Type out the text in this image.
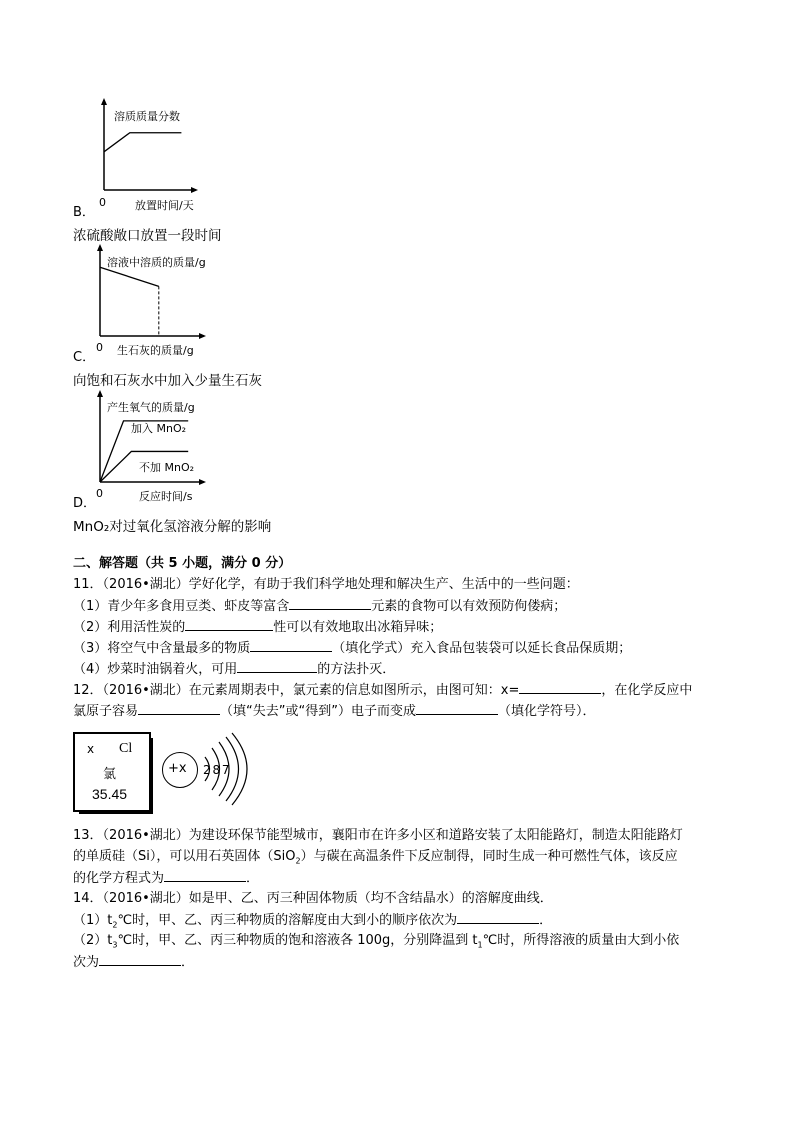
溶质质量分数
放置时间/天
0
B．
浓硫酸敞口放置一段时间
溶液中溶质的质量/g
生石灰的质量/g
0
C．
向饱和石灰水中加入少量生石灰
产生氧气的质量/g
加入 MnO₂
不加 MnO₂
反应时间/s
0
D．
MnO₂对过氧化氢溶液分解的影响
二、解答题（共 5 小题，满分 0 分）
11．（2016•湖北）学好化学，有助于我们科学地处理和解决生产、生活中的一些问题：
（1）青少年多食用豆类、虾皮等富含	元素的食物可以有效预防佝偻病；
（2）利用活性炭的	性可以有效地取出冰箱异味；
（3）将空气中含量最多的物质	（填化学式）充入食品包装袋可以延长食品保质期；
（4）炒菜时油锅着火，可用	的方法扑灭．
12．（2016•湖北）在元素周期表中，氯元素的信息如图所示，由图可知：x=	，在化学反应中
氯原子容易	（填“失去”或“得到”）电子而变成	（填化学符号）．
x Cl
氯
35.45
+x 2 8 7
13．（2016•湖北）为建设环保节能型城市，襄阳市在许多小区和道路安装了太阳能路灯，制造太阳能路灯
的单质硅（Si），可以用石英固体（SiO$_2$）与碳在高温条件下反应制得，同时生成一种可燃性气体，该反应
的化学方程式为	．
14．（2016•湖北）如是甲、乙、丙三种固体物质（均不含结晶水）的溶解度曲线．
$(1)t_2℃$时，甲、乙、丙三种物质的溶解度由大到小的顺序依次为	．
$(2)t_3℃$时，甲、乙、丙三种物质的饱和溶液各 100g，分别降温到 $t_1℃$时，所得溶液的质量由大到小依
次为	．
